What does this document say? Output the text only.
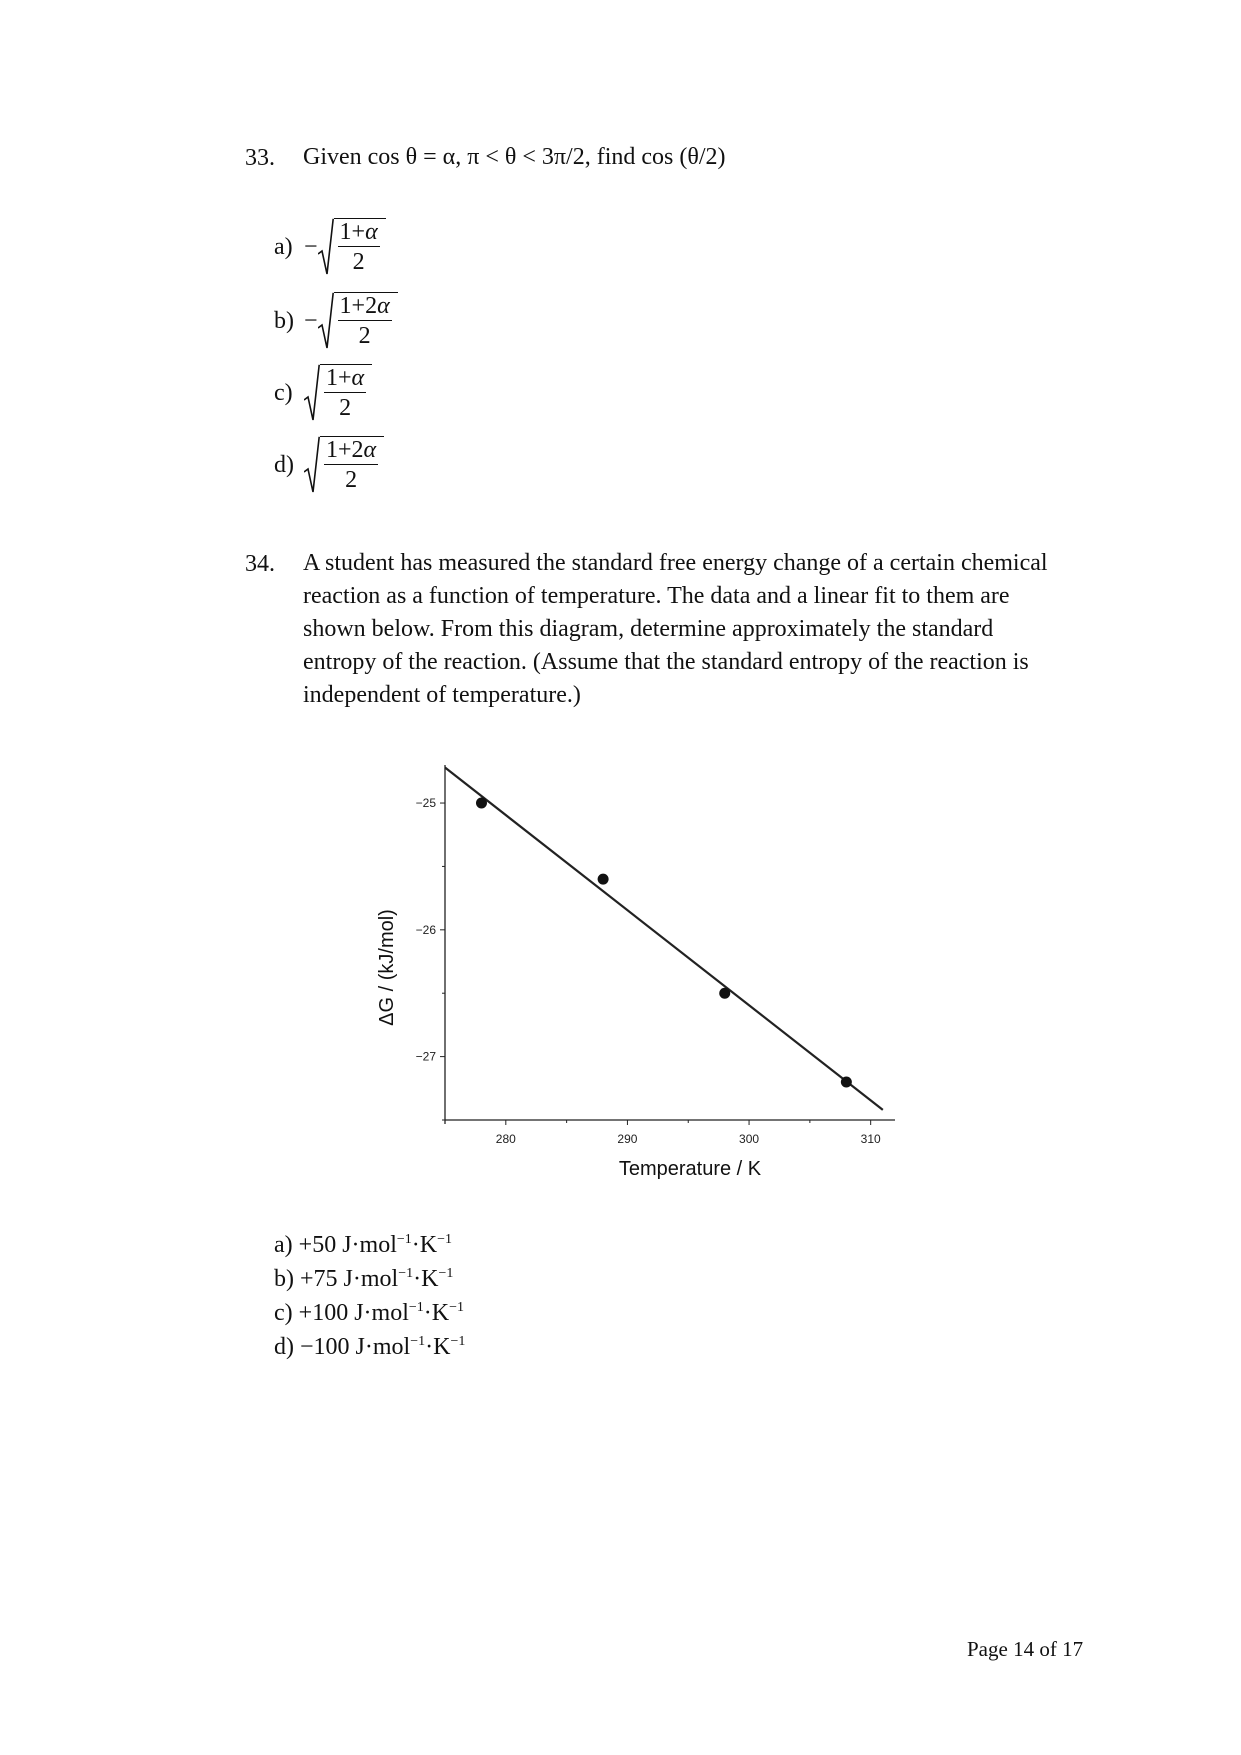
33. Given cos θ = α, π < θ < 3π/2, find cos (θ/2)
$a) - \frac{1+\alpha}{2}$
$b) - \frac{1+2\alpha}{2}$
c)	$\frac{1+\alpha}{2}$
d)	$\frac{1+2\alpha}{2}$
34. A student has measured the standard free energy change of a certain chemical
reaction as a function of temperature. The data and a linear fit to them are
shown below. From this diagram, determine approximately the standard
entropy of the reaction. (Assume that the standard entropy of the reaction is
independent of temperature.)
280	290	300	310
−25
−26
−27
Temperature / K
ΔG / (kJ/mol)
a) +50 $J\cdot mol^{-1}\cdot K^{-1}$
b) +75 $J\cdot mol^{-1}\cdot K^{-1}$
c) +100 $J\cdot mol^{-1}\cdot K^{-1}$
d) −100 $J\cdot mol^{-1}\cdot K^{-1}$
Page 14 of 17
